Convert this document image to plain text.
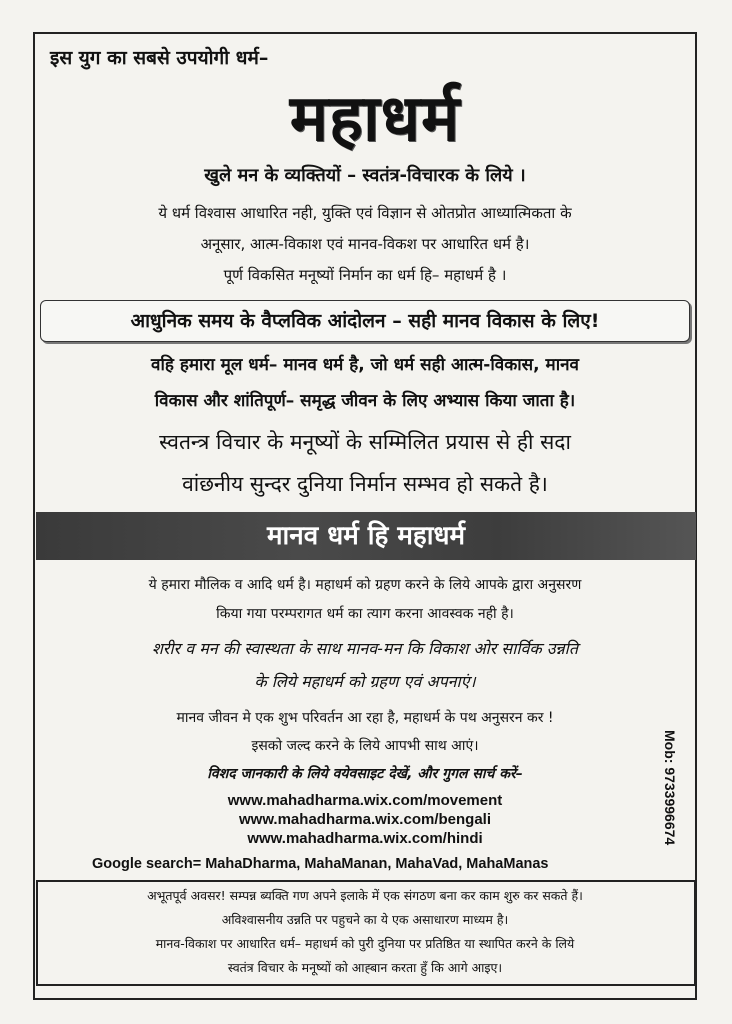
इस युग का सबसे उपयोगी धर्म–
महाधर्म
खुले मन के व्यक्तियों – स्वतंत्र-विचारक के लिये ।
ये धर्म विश्वास आधारित नही, युक्ति एवं विज्ञान से ओतप्रोत आध्यात्मिकता के
अनूसार, आत्म-विकाश एवं मानव-विकश पर आधारित धर्म है।
पूर्ण विकसित मनूष्यों निर्मान का धर्म हि– महाधर्म है ।
आधुनिक समय के वैप्लविक आंदोलन – सही मानव विकास के लिए!
वहि हमारा मूल धर्म– मानव धर्म है, जो धर्म सही आत्म-विकास, मानव
विकास और शांतिपूर्ण– समृद्ध जीवन के लिए अभ्यास किया जाता है।
स्वतन्त्र विचार के मनूष्यों के सम्मिलित प्रयास से ही सदा
वांछनीय सुन्दर दुनिया निर्मान सम्भव हो सकते है।
मानव धर्म हि महाधर्म
ये हमारा मौलिक व आदि धर्म है। महाधर्म को ग्रहण करने के लिये आपके द्वारा अनुसरण
किया गया परम्परागत धर्म का त्याग करना आवस्वक नही है।
शरीर व मन की स्वास्थता के साथ मानव-मन कि विकाश ओर सार्विक उन्नति
के लिये महाधर्म को ग्रहण एवं अपनाएं।
मानव जीवन मे एक शुभ परिवर्तन आ रहा है, महाधर्म के पथ अनुसरन कर !
इसको जल्द करने के लिये आपभी साथ आएं।
विशद जानकारी के लिये वयेवसाइट देखें, और गुगल सार्च करें–
www.mahadharma.wix.com/movement
www.mahadharma.wix.com/bengali
www.mahadharma.wix.com/hindi
Google search= MahaDharma, MahaManan, MahaVad, MahaManas
Mob: 9733996674
अभूतपूर्व अवसर! सम्पन्न ब्यक्ति गण अपने इलाके में एक संगठण बना कर काम शुरु कर सकते हैं।
अविश्वासनीय उन्नति पर पहुचने का ये एक असाधारण माध्यम है।
मानव-विकाश पर आधारित धर्म– महाधर्म को पुरी दुनिया पर प्रतिष्ठित या स्थापित करने के लिये
स्वतंत्र विचार के मनूष्यों को आह्बान करता हुँ कि आगे आइए।
